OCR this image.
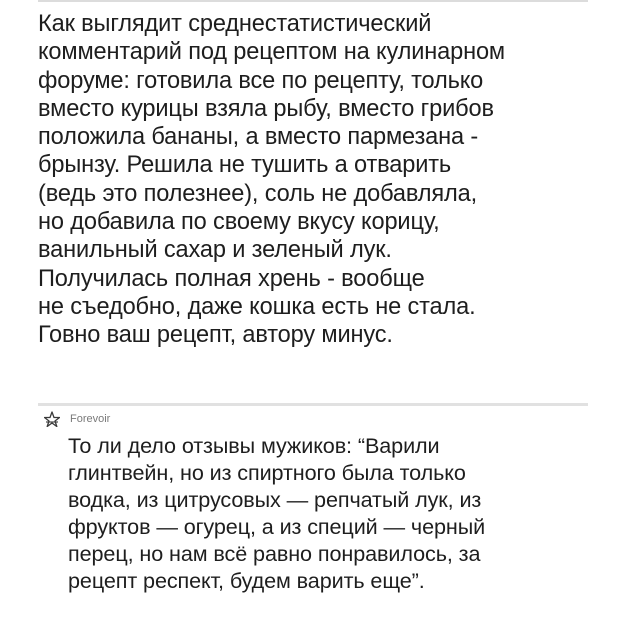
Как выглядит среднестатистический
комментарий под рецептом на кулинарном
форуме: готовила все по рецепту, только
вместо курицы взяла рыбу, вместо грибов
положила бананы, а вместо пармезана -
брынзу. Решила не тушить а отварить
(ведь это полезнее), соль не добавляла,
но добавила по своему вкусу корицу,
ванильный сахар и зеленый лук.
Получилась полная хрень - вообще
не съедобно, даже кошка есть не стала.
Говно ваш рецепт, автору минус.
Forevoir
То ли дело отзывы мужиков: “Варили
глинтвейн, но из спиртного была только
водка, из цитрусовых — репчатый лук, из
фруктов — огурец, а из специй — черный
перец, но нам всё равно понравилось, за
рецепт респект, будем варить еще”.
